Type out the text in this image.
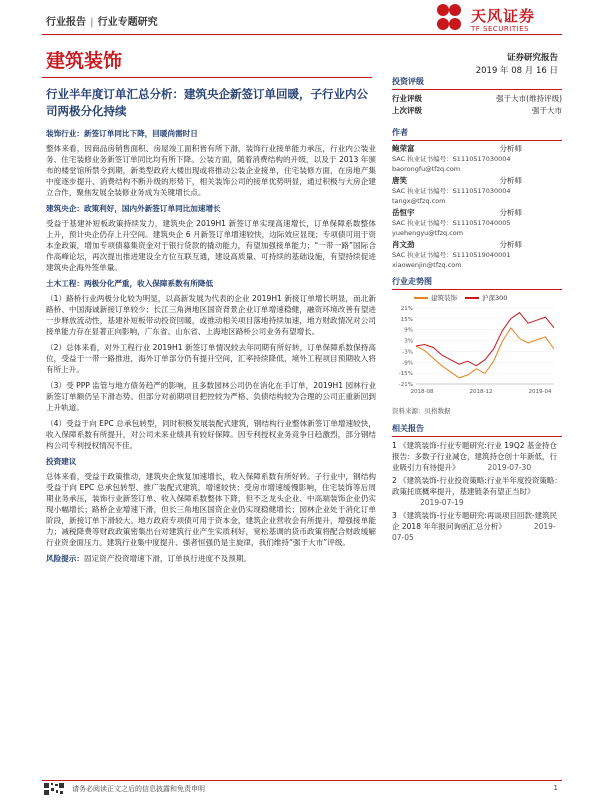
行业报告 | 行业专题研究	天风证券
TF SECURITIES
建筑装饰	证券研究报告
2019 年 08 月 16 日
行业半年度订单汇总分析：建筑央企新签订单回暖，子行业内公司两极分化持续

装饰行业：新签订单同比下降，回暖尚需时日

整体来看，因商品房销售面积、房屋竣工面积皆有所下滑，装饰行业接单能力承压，行业内公装业务、住宅装修业务新签订单同比均有所下降。公装方面，随着消费结构的升级，以及于 2013 年颁布的楼堂馆所禁令到期，新类型政府大楼出现或将推动公装企业接单，住宅装修方面，在房地产集中度逐步提升、消费结构不断升级的形势下，相关装饰公司的接单优势明显，通过积极与大房企建立合作，聚焦发展全装修业务成为关键增长点。

建筑央企：政策利好，国内外新签订单同比加速增长

受益于基建补短板政策持续发力，建筑央企 2019H1 新签订单实现高速增长，订单保障系数整体上升，预计央企仍存上升空间。建筑央企 6 月新签订单增速较快，边际效应显现；专项债可用于资本金政策，增加专项债募集资金对于银行贷款的撬动能力，有望加强接单能力；“一带一路”国际合作高峰论坛，再次提出推进建设全方位互联互通，建设高质量、可持续的基础设施，有望持续促进建筑央企海外签单量。

土木工程：两极分化严重，收入保障系数有所降低

（1）路桥行业两极分化较为明显，以高新发展为代表的企业 2019H1 新接订单增长明显，而北新路桥、中国海诚新接订单较少；长江三角洲地区国资背景企业订单增速稳健，融资环境改善有望进一步释放流动性，基建补短板带动投资回暖，或推动相关项目落地持续加速，地方财政情况对公司接单能力存在显著正向影响，广东省、山东省、上海地区路桥公司业务有望增长。

（2）总体来看，对外工程行业 2019H1 新签订单情况较去年同期有所好转，订单保障系数保持高位，受益于一带一路推进，海外订单部分仍有提升空间，汇率持续降低，境外工程项目预期收入将有所上升。

（3）受 PPP 监管与地方债务趋严的影响，且多数园林公司仍在消化在手订单，2019H1 园林行业新签订单额仍呈下滑态势。但部分对前期项目把控较为严格、负债结构较为合理的公司正重新回到上升轨道。

（4）受益于向 EPC 总承包转型，同时积极发展装配式建筑，钢结构行业整体新签订单增速较快，收入保障系数有所提升，对公司未来业绩具有较好保障。因专利授权业务竞争日趋激烈，部分钢结构公司专利授权情况不佳。

投资建议

总体来看，受益于政策推动，建筑央企恢复加速增长，收入保障系数有所好转。子行业中，钢结构受益于向 EPC 总承包转型、推广装配式建筑，增速较快；受房市增速缓慢影响，住宅装饰等后周期业务承压，装饰行业新签订单、收入保障系数整体下降，但不乏龙头企业、中高端装饰企业仍实现小幅增长；路桥企业增速下滑，但长三角地区国资企业仍实现稳健增长；园林企业处于消化订单阶段，新接订单下滑较大。地方政府专项债可用于资本金，建筑企业营收会有所提升，增强接单能力；减税降费等财政政策密集出台对建筑行业产生实质利好，宽松基调的货币政策将配合财政缓解行业资金面压力。建筑行业集中度提升、强者恒强仍是主旋律，我们维持“强于大市”评级。

风险提示：固定资产投资增速下滑，订单执行进度不及预期。

投资评级
行业评级	强于大市(维持评级)
上次评级	强于大市
作者
鲍荣富	分析师
SAC 执业证书编号：S1110517030004
baorongfu@tfzq.com
唐笑	分析师
SAC 执业证书编号：S1110517030004
tangx@tfzq.com
岳恒宇	分析师
SAC 执业证书编号：S1110517040005
yuehengyu@tfzq.com
肖文劲	分析师
SAC 执业证书编号：S1110519040001
xiaowenjin@tfzq.com
行业走势图
建筑装饰	沪深300
21%
15%
9%
3%
-3%
-9%
-15%
-21%
2018-08	2018-12	2019-04
资料来源：贝格数据
相关报告

1 《建筑装饰-行业专题研究:行业 19Q2 基金持仓报告：多数子行业减仓，建筑持仓创十年新低，行业吸引力有待提升》	2019-07-30

2 《建筑装饰-行业投资策略:行业半年度投资策略：政策托底概率提升，基建链条有望正当时》2019-07-19

3 《建筑装饰-行业专题研究:再谈项目回款-建筑民企 2018 年年报问询函汇总分析》	2019-07-05

请务必阅读正文之后的信息披露和免责申明	1
